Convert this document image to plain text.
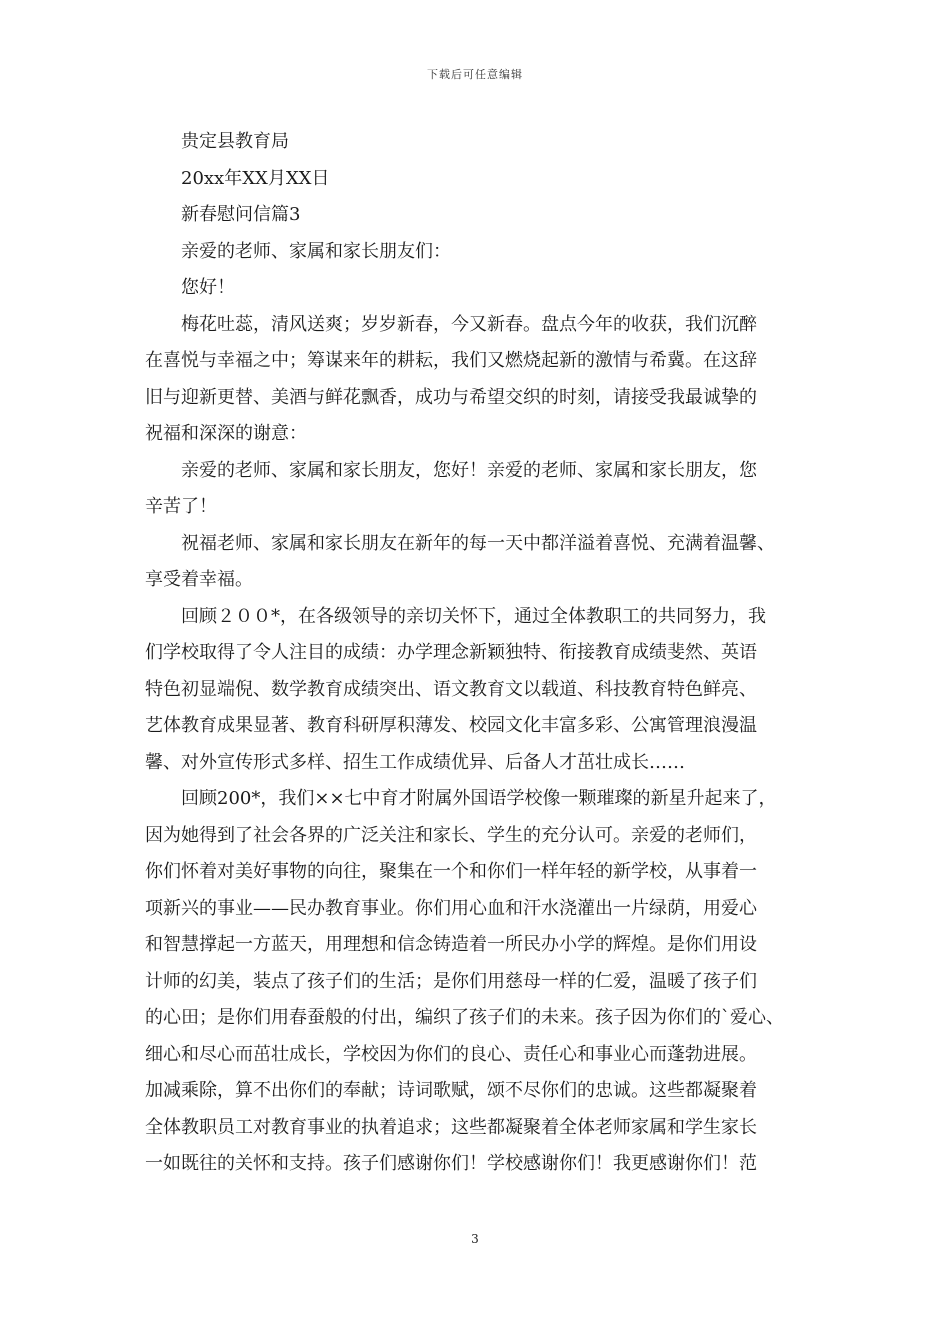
下载后可任意编辑
贵定县教育局
20xx年XX月XX日
新春慰问信篇3
亲爱的老师、家属和家长朋友们：
您好！
梅花吐蕊，清风送爽；岁岁新春，今又新春。盘点今年的收获，我们沉醉
在喜悦与幸福之中；筹谋来年的耕耘，我们又燃烧起新的激情与希冀。在这辞
旧与迎新更替、美酒与鲜花飘香，成功与希望交织的时刻，请接受我最诚挚的
祝福和深深的谢意：
亲爱的老师、家属和家长朋友，您好！亲爱的老师、家属和家长朋友，您
辛苦了！
祝福老师、家属和家长朋友在新年的每一天中都洋溢着喜悦、充满着温馨、
享受着幸福。
回顾２００*，在各级领导的亲切关怀下，通过全体教职工的共同努力，我
们学校取得了令人注目的成绩：办学理念新颖独特、衔接教育成绩斐然、英语
特色初显端倪、数学教育成绩突出、语文教育文以载道、科技教育特色鲜亮、
艺体教育成果显著、教育科研厚积薄发、校园文化丰富多彩、公寓管理浪漫温
馨、对外宣传形式多样、招生工作成绩优异、后备人才茁壮成长……
回顾200*，我们××七中育才附属外国语学校像一颗璀璨的新星升起来了，
因为她得到了社会各界的广泛关注和家长、学生的充分认可。亲爱的老师们，
你们怀着对美好事物的向往，聚集在一个和你们一样年轻的新学校，从事着一
项新兴的事业——民办教育事业。你们用心血和汗水浇灌出一片绿荫，用爱心
和智慧撑起一方蓝天，用理想和信念铸造着一所民办小学的辉煌。是你们用设
计师的幻美，装点了孩子们的生活；是你们用慈母一样的仁爱，温暖了孩子们
的心田；是你们用春蚕般的付出，编织了孩子们的未来。孩子因为你们的`爱心、
细心和尽心而茁壮成长，学校因为你们的良心、责任心和事业心而蓬勃进展。
加减乘除，算不出你们的奉献；诗词歌赋，颂不尽你们的忠诚。这些都凝聚着
全体教职员工对教育事业的执着追求；这些都凝聚着全体老师家属和学生家长
一如既往的关怀和支持。孩子们感谢你们！学校感谢你们！我更感谢你们！范
3
